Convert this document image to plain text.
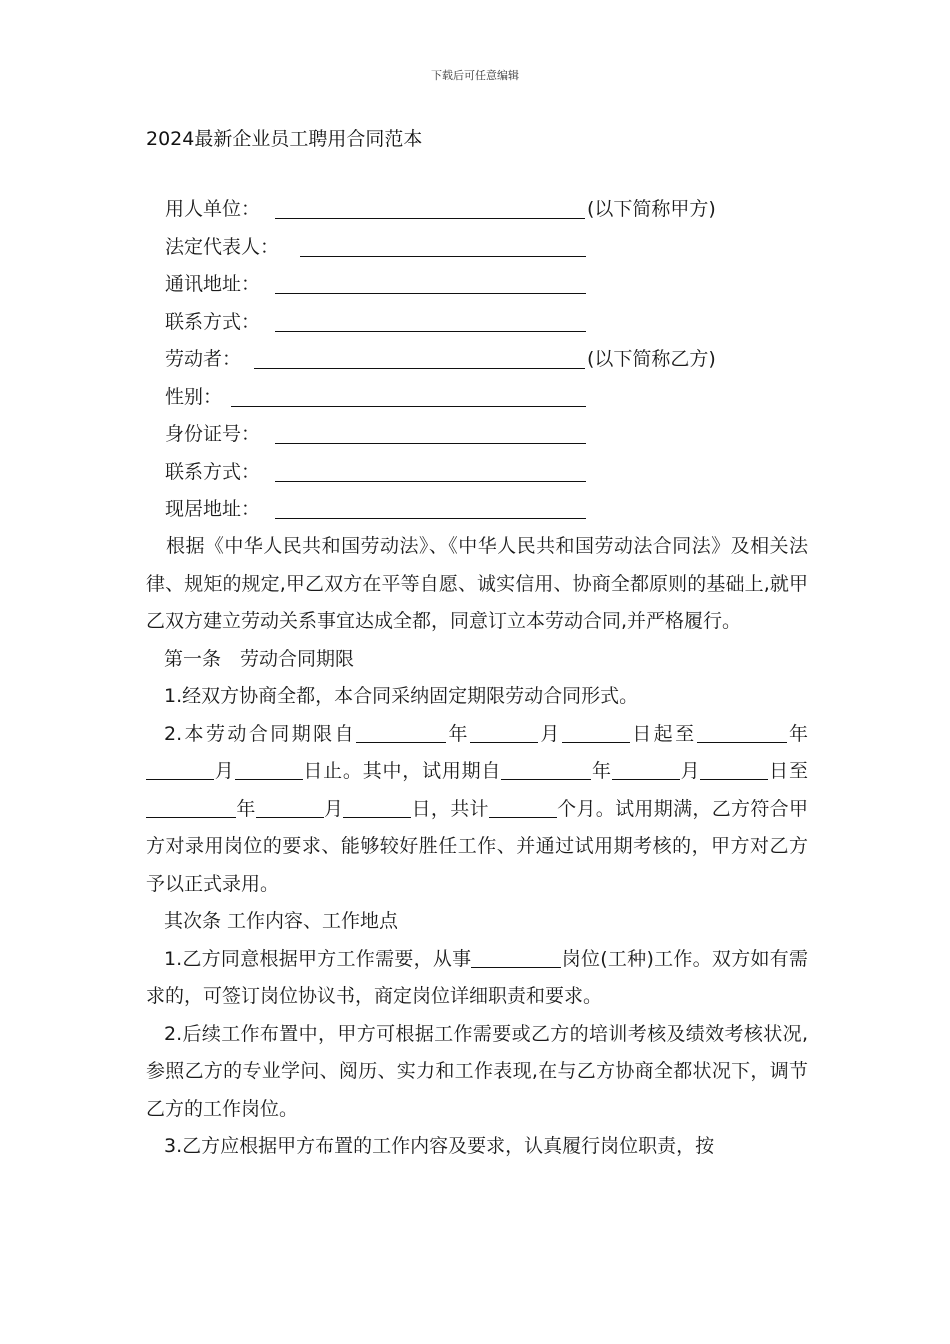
下载后可任意编辑
2024最新企业员工聘用合同范本
用人单位：	(以下简称甲方)
法定代表人：
通讯地址：
联系方式：
劳动者：	(以下简称乙方)
性别：
身份证号：
联系方式：
现居地址：

根据《中华人民共和国劳动法》、《中华人民共和国劳动法合同法》及相关法律、规矩的规定,甲乙双方在平等自愿、诚实信用、协商全都原则的基础上,就甲乙双方建立劳动关系事宜达成全都，同意订立本劳动合同,并严格履行。

第一条　劳动合同期限

1.经双方协商全都，本合同采纳固定期限劳动合同形式。

2.本劳动合同期限自	年	月	日起至	年月	日止。其中，试用期自	年	月	日至年	月	日，共计	个月。试用期满，乙方符合甲方对录用岗位的要求、能够较好胜任工作、并通过试用期考核的，甲方对乙方予以正式录用。

其次条 工作内容、工作地点

1.乙方同意根据甲方工作需要，从事	岗位(工种)工作。双方如有需求的，可签订岗位协议书，商定岗位详细职责和要求。

2.后续工作布置中，甲方可根据工作需要或乙方的培训考核及绩效考核状况,参照乙方的专业学问、阅历、实力和工作表现,在与乙方协商全都状况下，调节乙方的工作岗位。

3.乙方应根据甲方布置的工作内容及要求，认真履行岗位职责，按
